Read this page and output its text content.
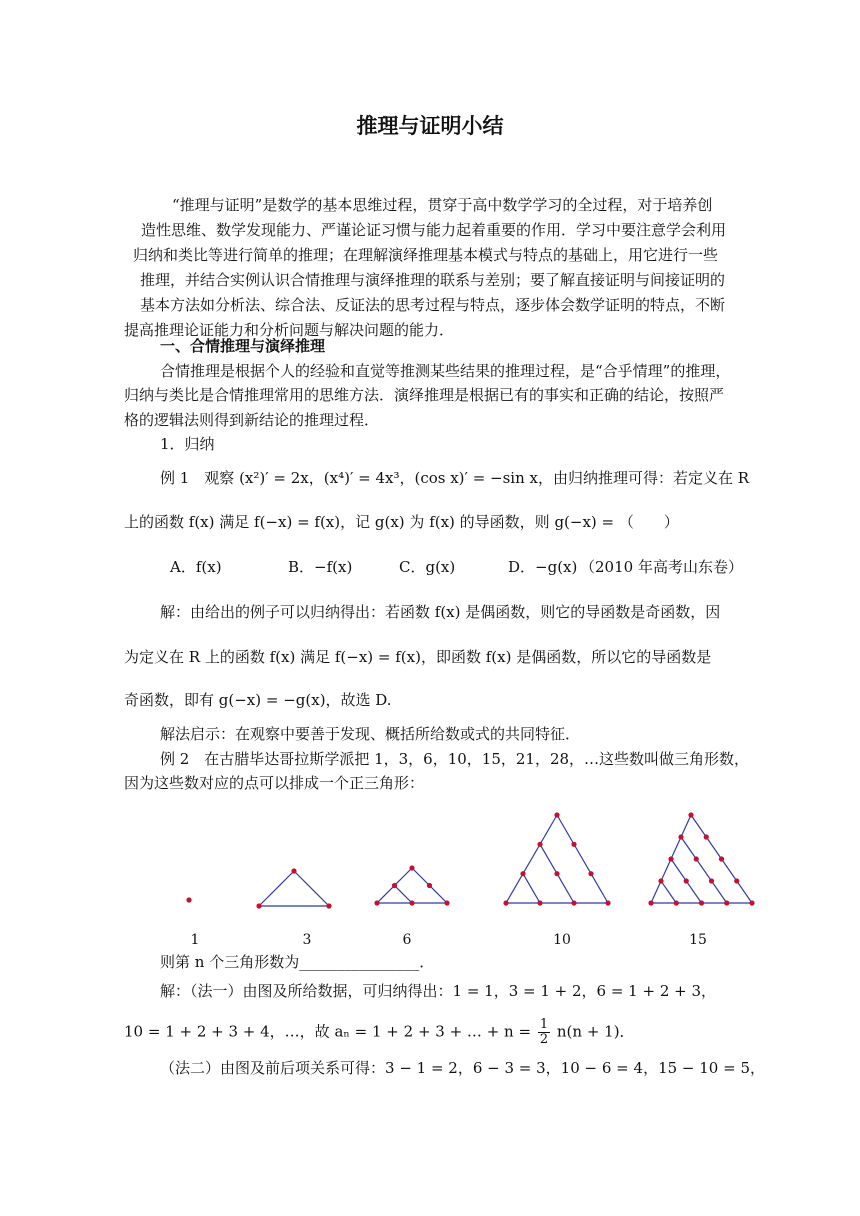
推理与证明小结
“推理与证明”是数学的基本思维过程，贯穿于高中数学学习的全过程，对于培养创
造性思维、数学发现能力、严谨论证习惯与能力起着重要的作用．学习中要注意学会利用
归纳和类比等进行简单的推理；在理解演绎推理基本模式与特点的基础上，用它进行一些
推理，并结合实例认识合情推理与演绎推理的联系与差别；要了解直接证明与间接证明的
基本方法如分析法、综合法、反证法的思考过程与特点，逐步体会数学证明的特点，不断
提高推理论证能力和分析问题与解决问题的能力．
一、合情推理与演绎推理
合情推理是根据个人的经验和直觉等推测某些结果的推理过程，是“合乎情理”的推理，
归纳与类比是合情推理常用的思维方法．演绎推理是根据已有的事实和正确的结论，按照严
格的逻辑法则得到新结论的推理过程．
1．归纳
例 1　观察 (x²)′ = 2x，(x⁴)′ = 4x³，(cos x)′ = −sin x，由归纳推理可得：若定义在 R
上的函数 f(x) 满足 f(−x) = f(x)，记 g(x) 为 f(x) 的导函数，则 g(−x) = （　　）
A．f(x)	B．−f(x)	C．g(x)	D．−g(x) （2010 年高考山东卷）
解：由给出的例子可以归纳得出：若函数 f(x) 是偶函数，则它的导函数是奇函数，因
为定义在 R 上的函数 f(x) 满足 f(−x) = f(x)，即函数 f(x) 是偶函数，所以它的导函数是
奇函数，即有 g(−x) = −g(x)，故选 D.
解法启示：在观察中要善于发现、概括所给数或式的共同特征．
例 2　在古腊毕达哥拉斯学派把 1，3，6，10，15，21，28，…这些数叫做三角形数，
因为这些数对应的点可以排成一个正三角形：
1	3	6	10	15
则第 n 个三角形数为________________．
解：（法一）由图及所给数据，可归纳得出：1 = 1，3 = 1 + 2，6 = 1 + 2 + 3，
10 = 1 + 2 + 3 + 4，…，故 aₙ = 1 + 2 + 3 + … + $n = \frac{1}{2} n(n + 1)$．
（法二）由图及前后项关系可得：3 − 1 = 2，6 − 3 = 3，10 − 6 = 4，15 − 10 = 5，
